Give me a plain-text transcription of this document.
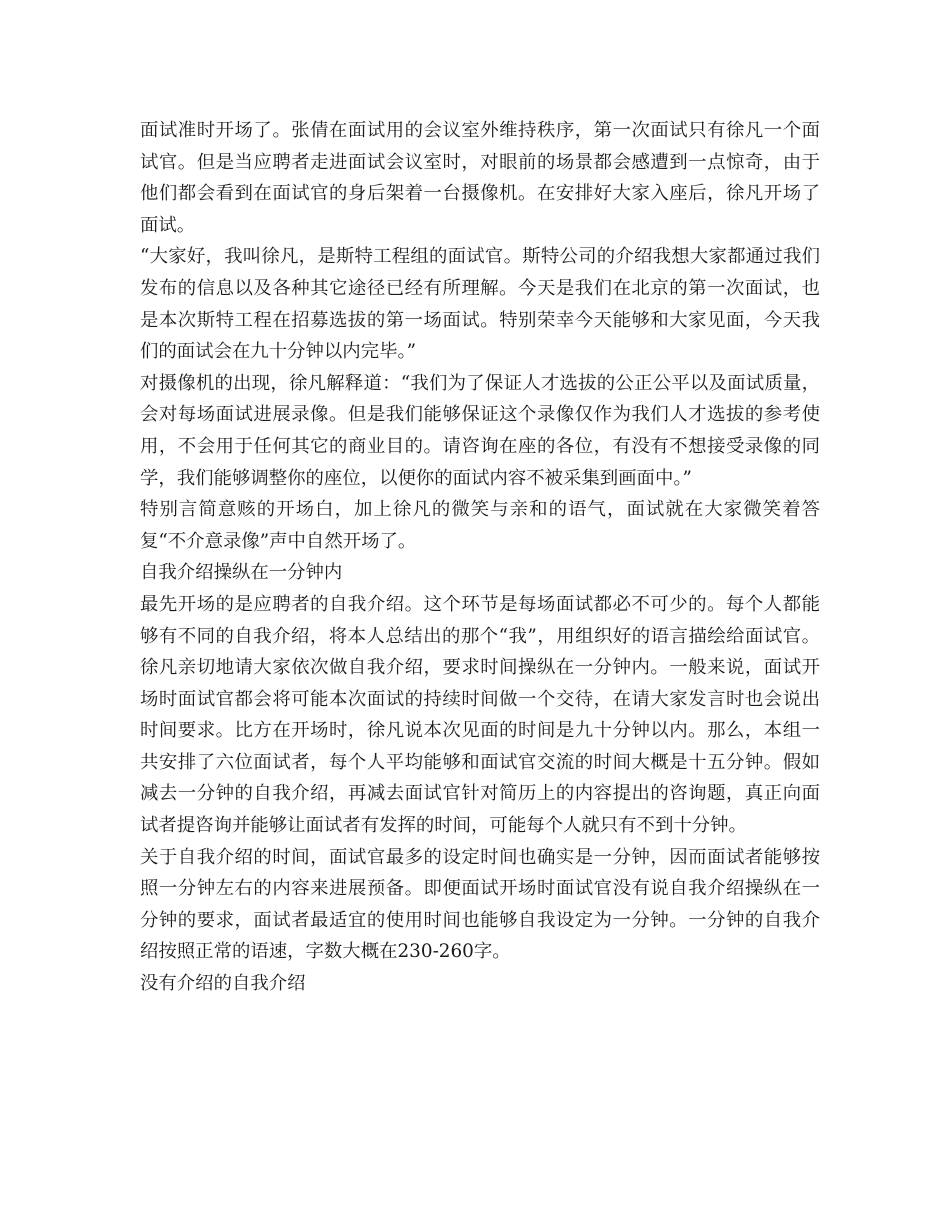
面试准时开场了。张倩在面试用的会议室外维持秩序，第一次面试只有徐凡一个面试官。但是当应聘者走进面试会议室时，对眼前的场景都会感遭到一点惊奇，由于他们都会看到在面试官的身后架着一台摄像机。在安排好大家入座后，徐凡开场了面试。

“大家好，我叫徐凡，是斯特工程组的面试官。斯特公司的介绍我想大家都通过我们发布的信息以及各种其它途径已经有所理解。今天是我们在北京的第一次面试，也是本次斯特工程在招募选拔的第一场面试。特别荣幸今天能够和大家见面，今天我们的面试会在九十分钟以内完毕。”

对摄像机的出现，徐凡解释道：“我们为了保证人才选拔的公正公平以及面试质量，会对每场面试进展录像。但是我们能够保证这个录像仅作为我们人才选拔的参考使用，不会用于任何其它的商业目的。请咨询在座的各位，有没有不想接受录像的同学，我们能够调整你的座位，以便你的面试内容不被采集到画面中。”

特别言简意赅的开场白，加上徐凡的微笑与亲和的语气，面试就在大家微笑着答复“不介意录像”声中自然开场了。

自我介绍操纵在一分钟内

最先开场的是应聘者的自我介绍。这个环节是每场面试都必不可少的。每个人都能够有不同的自我介绍，将本人总结出的那个“我”，用组织好的语言描绘给面试官。徐凡亲切地请大家依次做自我介绍，要求时间操纵在一分钟内。一般来说，面试开场时面试官都会将可能本次面试的持续时间做一个交待，在请大家发言时也会说出时间要求。比方在开场时，徐凡说本次见面的时间是九十分钟以内。那么，本组一共安排了六位面试者，每个人平均能够和面试官交流的时间大概是十五分钟。假如减去一分钟的自我介绍，再减去面试官针对简历上的内容提出的咨询题，真正向面试者提咨询并能够让面试者有发挥的时间，可能每个人就只有不到十分钟。

关于自我介绍的时间，面试官最多的设定时间也确实是一分钟，因而面试者能够按照一分钟左右的内容来进展预备。即便面试开场时面试官没有说自我介绍操纵在一分钟的要求，面试者最适宜的使用时间也能够自我设定为一分钟。一分钟的自我介绍按照正常的语速，字数大概在230-260字。

没有介绍的自我介绍
